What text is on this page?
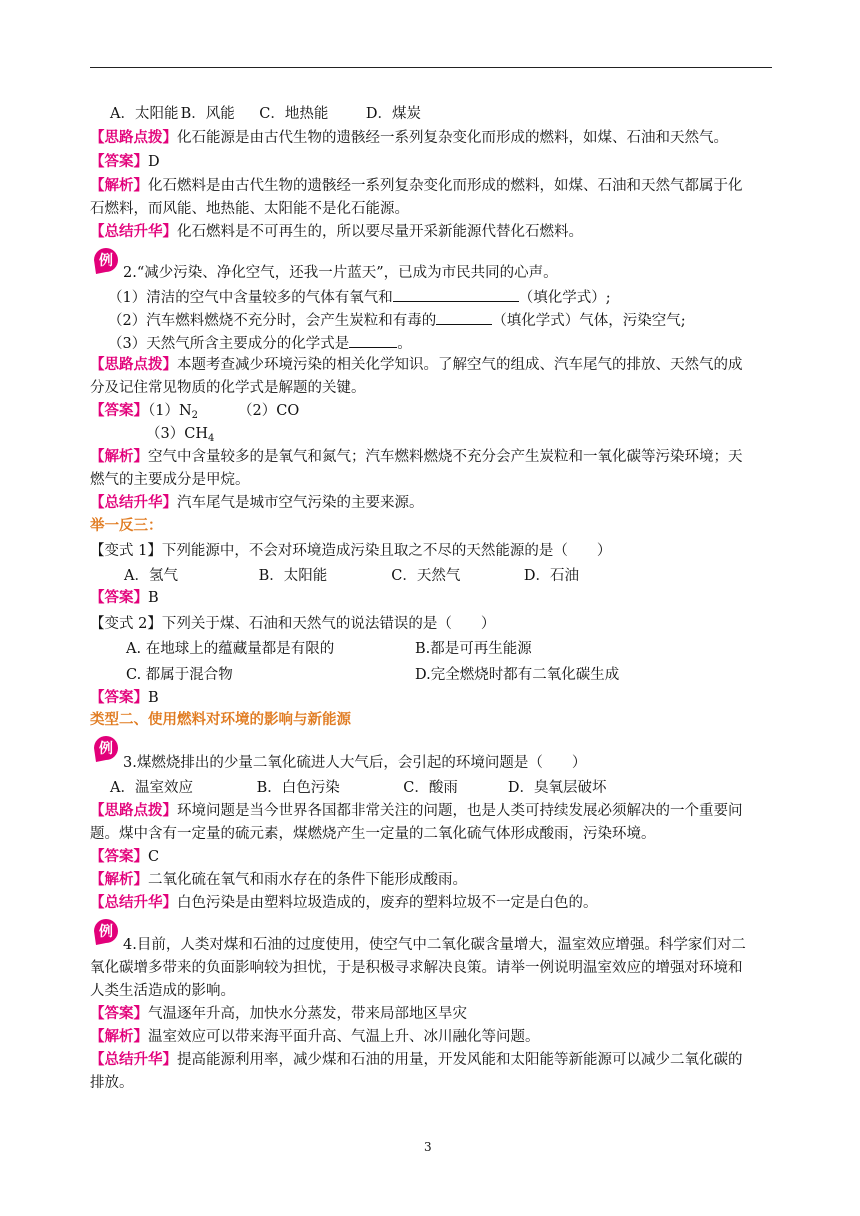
A．太阳能 B．风能 C．地热能	D．煤炭
【思路点拨】化石能源是由古代生物的遗骸经一系列复杂变化而形成的燃料，如煤、石油和天然气。
【答案】D
【解析】化石燃料是由古代生物的遗骸经一系列复杂变化而形成的燃料，如煤、石油和天然气都属于化
石燃料，而风能、地热能、太阳能不是化石能源。
【总结升华】化石燃料是不可再生的，所以要尽量开采新能源代替化石燃料。
例
2.“减少污染、净化空气，还我一片蓝天”，已成为市民共同的心声。
（1）清洁的空气中含量较多的气体有氧气和	（填化学式）;
（2）汽车燃料燃烧不充分时，会产生炭粒和有毒的	（填化学式）气体，污染空气;
（3）天然气所含主要成分的化学式是	。
【思路点拨】本题考查减少环境污染的相关化学知识。了解空气的组成、汽车尾气的排放、天然气的成
分及记住常见物质的化学式是解题的关键。
【答案】$(1)N_2$	（2）CO
$(3)CH_4$
【解析】空气中含量较多的是氧气和氮气；汽车燃料燃烧不充分会产生炭粒和一氧化碳等污染环境；天
燃气的主要成分是甲烷。
【总结升华】汽车尾气是城市空气污染的主要来源。
举一反三：
【变式 1】下列能源中，不会对环境造成污染且取之不尽的天然能源的是（　　）
A．氢气	B．太阳能	C．天然气	D．石油
【答案】B
【变式 2】下列关于煤、石油和天然气的说法错误的是（　　）
A. 在地球上的蕴藏量都是有限的	B.都是可再生能源
C. 都属于混合物	D.完全燃烧时都有二氧化碳生成
【答案】B
类型二、使用燃料对环境的影响与新能源
例
3.煤燃烧排出的少量二氧化硫进人大气后，会引起的环境问题是（　　）
A．温室效应	B．白色污染	C．酸雨	D．臭氧层破坏
【思路点拨】环境问题是当今世界各国都非常关注的问题，也是人类可持续发展必须解决的一个重要问
题。煤中含有一定量的硫元素，煤燃烧产生一定量的二氧化硫气体形成酸雨，污染环境。
【答案】C
【解析】二氧化硫在氧气和雨水存在的条件下能形成酸雨。
【总结升华】白色污染是由塑料垃圾造成的，废弃的塑料垃圾不一定是白色的。
例
4.目前，人类对煤和石油的过度使用，使空气中二氧化碳含量增大，温室效应增强。科学家们对二
氧化碳增多带来的负面影响较为担忧，于是积极寻求解决良策。请举一例说明温室效应的增强对环境和
人类生活造成的影响。
【答案】气温逐年升高，加快水分蒸发，带来局部地区旱灾
【解析】温室效应可以带来海平面升高、气温上升、冰川融化等问题。
【总结升华】提高能源利用率，减少煤和石油的用量，开发风能和太阳能等新能源可以减少二氧化碳的
排放。
3
